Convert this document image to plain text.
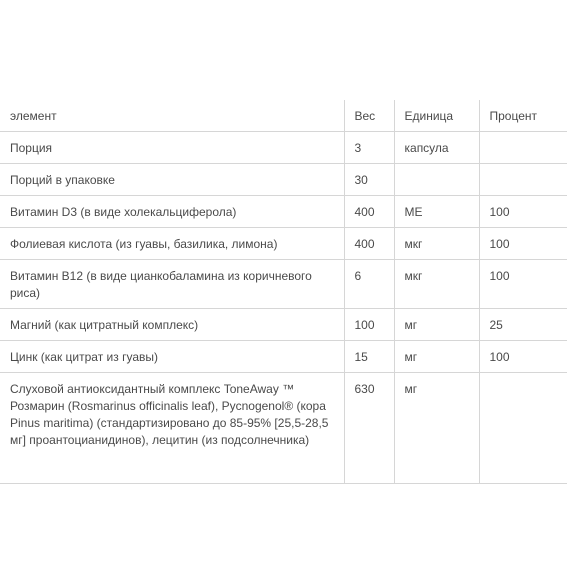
элемент	Вес	Единица	Процент
Порция	3	капсула	
Порций в упаковке	30		
Витамин D3 (в виде холекальциферола)	400	МЕ	100
Фолиевая кислота (из гуавы, базилика, лимона)	400	мкг	100
Витамин B12 (в виде цианкобаламина из коричневого риса)	6	мкг	100
Магний (как цитратный комплекс)	100	мг	25
Цинк (как цитрат из гуавы)	15	мг	100
Слуховой антиоксидантный комплекс ToneAway ™ Розмарин (Rosmarinus officinalis leaf), Pycnogenol® (кора Pinus maritima) (стандартизировано до 85-95% [25,5-28,5 мг] проантоцианидинов), лецитин (из подсолнечника)	630	мг	
